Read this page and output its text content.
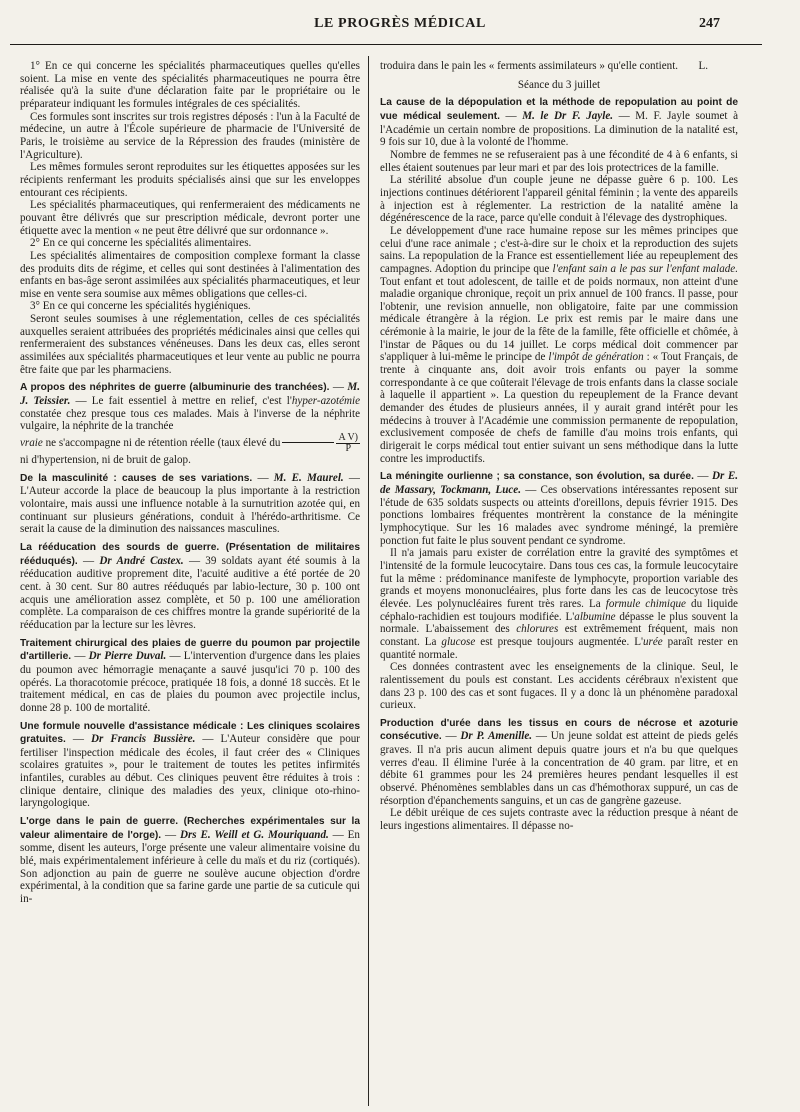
LE PROGRÈS MÉDICAL	247

1° En ce qui concerne les spécialités pharmaceutiques quelles qu'elles soient. La mise en vente des spécialités pharmaceutiques ne pourra être réalisée qu'à la suite d'une déclaration faite par le propriétaire ou le préparateur indiquant les formules intégrales de ces spécialités.

Ces formules sont inscrites sur trois registres déposés : l'un à la Faculté de médecine, un autre à l'École supérieure de pharmacie de l'Université de Paris, le troisième au service de la Répression des fraudes (ministère de l'Agriculture).

Les mêmes formules seront reproduites sur les étiquettes apposées sur les récipients renfermant les produits spécialisés ainsi que sur les enveloppes entourant ces récipients.

Les spécialités pharmaceutiques, qui renfermeraient des médicaments ne pouvant être délivrés que sur prescription médicale, devront porter une étiquette avec la mention « ne peut être délivré que sur ordonnance ».

2° En ce qui concerne les spécialités alimentaires.

Les spécialités alimentaires de composition complexe formant la classe des produits dits de régime, et celles qui sont destinées à l'alimentation des enfants en bas-âge seront assimilées aux spécialités pharmaceutiques, et leur mise en vente sera soumise aux mêmes obligations que celles-ci.

3° En ce qui concerne les spécialités hygiéniques.

Seront seules soumises à une réglementation, celles de ces spécialités auxquelles seraient attribuées des propriétés médicinales ainsi que celles qui renfermeraient des substances vénéneuses. Dans les deux cas, elles seront assimilées aux spécialités pharmaceutiques et leur vente au public ne pourra être faite que par les pharmaciens.

A propos des néphrites de guerre (albuminurie des tranchées). — M. J. Teissier. — Le fait essentiel à mettre en relief, c'est l'hyper-azotémie constatée chez presque tous ces malades. Mais à l'inverse de la néphrite vulgaire, la néphrite de la tranchée

vraie ne s'accompagne ni de rétention réelle (taux élevé du	$\frac{\text{A V)}}{P}$

ni d'hypertension, ni de bruit de galop.

De la masculinité : causes de ses variations. — M. E. Maurel. — L'Auteur accorde la place de beaucoup la plus importante à la restriction volontaire, mais aussi une influence notable à la surnutrition azotée qui, en continuant sur plusieurs générations, conduit à l'hérédo-arthritisme. Ce serait la cause de la diminution des naissances masculines.

La rééducation des sourds de guerre. (Présentation de militaires rééduqués). — Dr André Castex. — 39 soldats ayant été soumis à la rééducation auditive proprement dite, l'acuité auditive a été portée de 20 cent. à 30 cent. Sur 80 autres rééduqués par labio-lecture, 30 p. 100 ont acquis une amélioration assez complète, et 50 p. 100 une amélioration complète. La comparaison de ces chiffres montre la grande supériorité de la rééducation par la lecture sur les lèvres.

Traitement chirurgical des plaies de guerre du poumon par projectile d'artillerie. — Dr Pierre Duval. — L'intervention d'urgence dans les plaies du poumon avec hémorragie menaçante a sauvé jusqu'ici 70 p. 100 des opérés. La thoracotomie précoce, pratiquée 18 fois, a donné 18 succès. Et le traitement médical, en cas de plaies du poumon avec projectile inclus, donne 28 p. 100 de mortalité.

Une formule nouvelle d'assistance médicale : Les cliniques scolaires gratuites. — Dr Francis Bussière. — L'Auteur considère que pour fertiliser l'inspection médicale des écoles, il faut créer des « Cliniques scolaires gratuites », pour le traitement de toutes les petites infirmités infantiles, curables au début. Ces cliniques peuvent être réduites à trois : clinique dentaire, clinique des maladies des yeux, clinique oto-rhino-laryngologique.

L'orge dans le pain de guerre. (Recherches expérimentales sur la valeur alimentaire de l'orge). — Drs E. Weill et G. Mouriquand. — En somme, disent les auteurs, l'orge présente une valeur alimentaire voisine du blé, mais expérimentalement inférieure à celle du maïs et du riz (cortiqués). Son adjonction au pain de guerre ne soulève aucune objection d'ordre expérimental, à la condition que sa farine garde une partie de sa cuticule qui in-

troduira dans le pain les « ferments assimilateurs » qu'elle contient. L.

Séance du 3 juillet

La cause de la dépopulation et la méthode de repopulation au point de vue médical seulement. — M. le Dr F. Jayle. — M. F. Jayle soumet à l'Académie un certain nombre de propositions. La diminution de la natalité est, 9 fois sur 10, due à la volonté de l'homme.

Nombre de femmes ne se refuseraient pas à une fécondité de 4 à 6 enfants, si elles étaient soutenues par leur mari et par des lois protectrices de la famille.

La stérilité absolue d'un couple jeune ne dépasse guère 6 p. 100. Les injections continues détériorent l'appareil génital féminin ; la vente des appareils à injection est à réglementer. La restriction de la natalité amène la dégénérescence de la race, parce qu'elle conduit à l'élevage des dystrophiques.

Le développement d'une race humaine repose sur les mêmes principes que celui d'une race animale ; c'est-à-dire sur le choix et la reproduction des sujets sains. La repopulation de la France est essentiellement liée au repeuplement des campagnes. Adoption du principe que l'enfant sain a le pas sur l'enfant malade. Tout enfant et tout adolescent, de taille et de poids normaux, non atteint d'une maladie organique chronique, reçoit un prix annuel de 100 francs. Il passe, pour l'obtenir, une revision annuelle, non obligatoire, faite par une commission médicale étrangère à la région. Le prix est remis par le maire dans une cérémonie à la mairie, le jour de la fête de la famille, fête officielle et chômée, à l'instar de Pâques ou du 14 juillet. Le corps médical doit commencer par s'appliquer à lui-même le principe de l'impôt de génération : « Tout Français, de trente à cinquante ans, doit avoir trois enfants ou payer la somme correspondante à ce que coûterait l'élevage de trois enfants dans la classe sociale à laquelle il appartient ». La question du repeuplement de la France devant demander des études de plusieurs années, il y aurait grand intérêt pour les médecins à trouver à l'Académie une commission permanente de repopulation, exclusivement composée de chefs de famille d'au moins trois enfants, qui dirigerait le corps médical tout entier suivant un sens méthodique dans la lutte contre les improductifs.

La méningite ourlienne ; sa constance, son évolution, sa durée. — Dr E. de Massary, Tockmann, Luce. — Ces observations intéressantes reposent sur l'étude de 635 soldats suspects ou atteints d'oreillons, depuis février 1915. Des ponctions lombaires fréquentes montrèrent la constance de la méningite lymphocytique. Sur les 16 malades avec syndrome méningé, la première ponction fut faite le plus souvent pendant ce syndrome.

Il n'a jamais paru exister de corrélation entre la gravité des symptômes et l'intensité de la formule leucocytaire. Dans tous ces cas, la formule leucocytaire fut la même : prédominance manifeste de lymphocyte, proportion variable des grands et moyens mononucléaires, plus forte dans les cas de leucocytose très élevée. Les polynucléaires furent très rares. La formule chimique du liquide céphalo-rachidien est toujours modifiée. L'albumine dépasse le plus souvent la normale. L'abaissement des chlorures est extrêmement fréquent, mais non constant. La glucose est presque toujours augmentée. L'urée paraît rester en quantité normale.

Ces données contrastent avec les enseignements de la clinique. Seul, le ralentissement du pouls est constant. Les accidents cérébraux n'existent que dans 23 p. 100 des cas et sont fugaces. Il y a donc là un phénomène paradoxal curieux.

Production d'urée dans les tissus en cours de nécrose et azoturie consécutive. — Dr P. Amenille. — Un jeune soldat est atteint de pieds gelés graves. Il n'a pris aucun aliment depuis quatre jours et n'a bu que quelques verres d'eau. Il élimine l'urée à la concentration de 40 gram. par litre, et en débite 61 grammes pour les 24 premières heures pendant lesquelles il est observé. Phénomènes semblables dans un cas d'hémothorax suppuré, un cas de résorption d'épanchements sanguins, et un cas de gangrène gazeuse.

Le débit uréique de ces sujets contraste avec la réduction presque à néant de leurs ingestions alimentaires. Il dépasse no-
